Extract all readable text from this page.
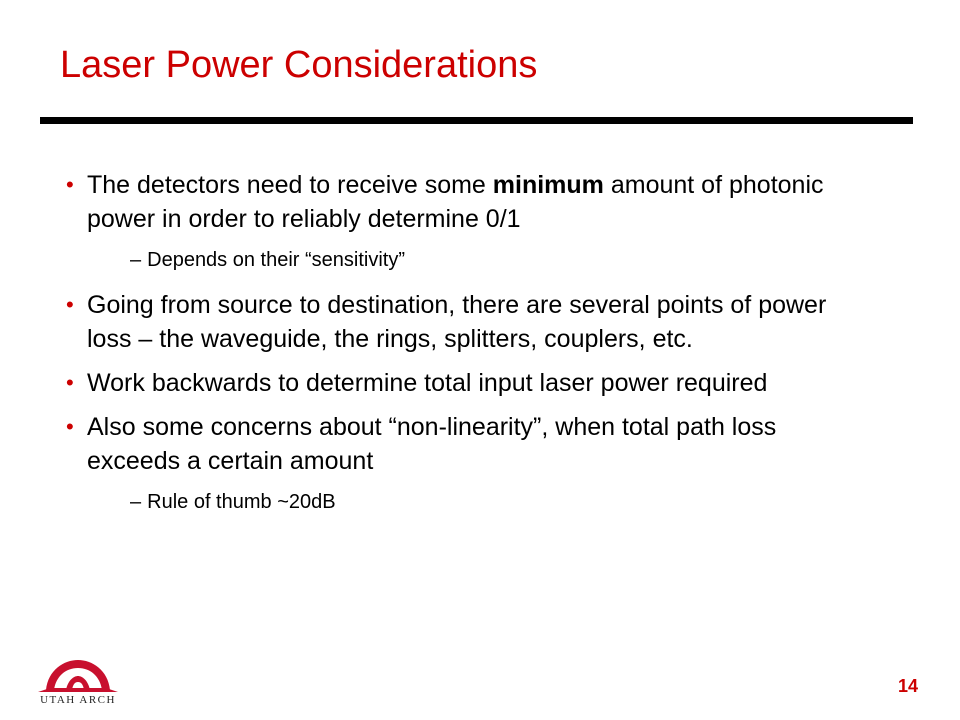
Laser Power Considerations
• The detectors need to receive some minimum amount of photonic power in order to reliably determine 0/1
– Depends on their “sensitivity”
• Going from source to destination, there are several points of power loss – the waveguide, the rings, splitters, couplers, etc.
• Work backwards to determine total input laser power required
• Also some concerns about “non-linearity”, when total path loss exceeds a certain amount
– Rule of thumb ~20dB
UTAH ARCH
14
